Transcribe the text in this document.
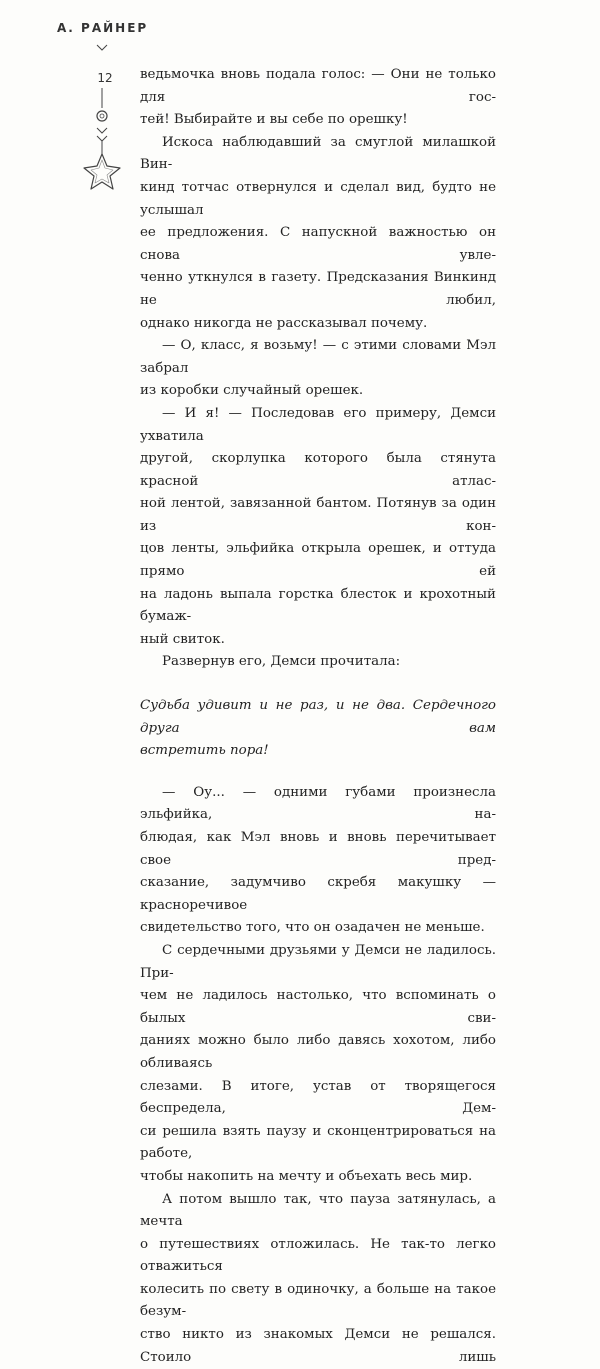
А. РАЙНЕР
12	ведьмочка вновь подала голос: — Они не только для гос-

тей! Выбирайте и вы себе по орешку!

Искоса наблюдавший за смуглой милашкой Вин-

кинд тотчас отвернулся и сделал вид, будто не услышал

ее предложения. С напускной важностью он снова увле-

ченно уткнулся в газету. Предсказания Винкинд не любил,

однако никогда не рассказывал почему.

— О, класс, я возьму! — с этими словами Мэл забрал

из коробки случайный орешек.

— И я! — Последовав его примеру, Демси ухватила

другой, скорлупка которого была стянута красной атлас-

ной лентой, завязанной бантом. Потянув за один из кон-

цов ленты, эльфийка открыла орешек, и оттуда прямо ей

на ладонь выпала горстка блесток и крохотный бумаж-

ный свиток.

Развернув его, Демси прочитала:

Судьба удивит и не раз, и не два. Сердечного друга вам

встретить пора!

— Оу... — одними губами произнесла эльфийка, на-

блюдая, как Мэл вновь и вновь перечитывает свое пред-

сказание, задумчиво скребя макушку — красноречивое

свидетельство того, что он озадачен не меньше.

С сердечными друзьями у Демси не ладилось. При-

чем не ладилось настолько, что вспоминать о былых сви-

даниях можно было либо давясь хохотом, либо обливаясь

слезами. В итоге, устав от творящегося беспредела, Дем-

си решила взять паузу и сконцентрироваться на работе,

чтобы накопить на мечту и объехать весь мир.

А потом вышло так, что пауза затянулась, а мечта

о путешествиях отложилась. Не так-то легко отважиться

колесить по свету в одиночку, а больше на такое безум-

ство никто из знакомых Демси не решался. Стоило лишь
